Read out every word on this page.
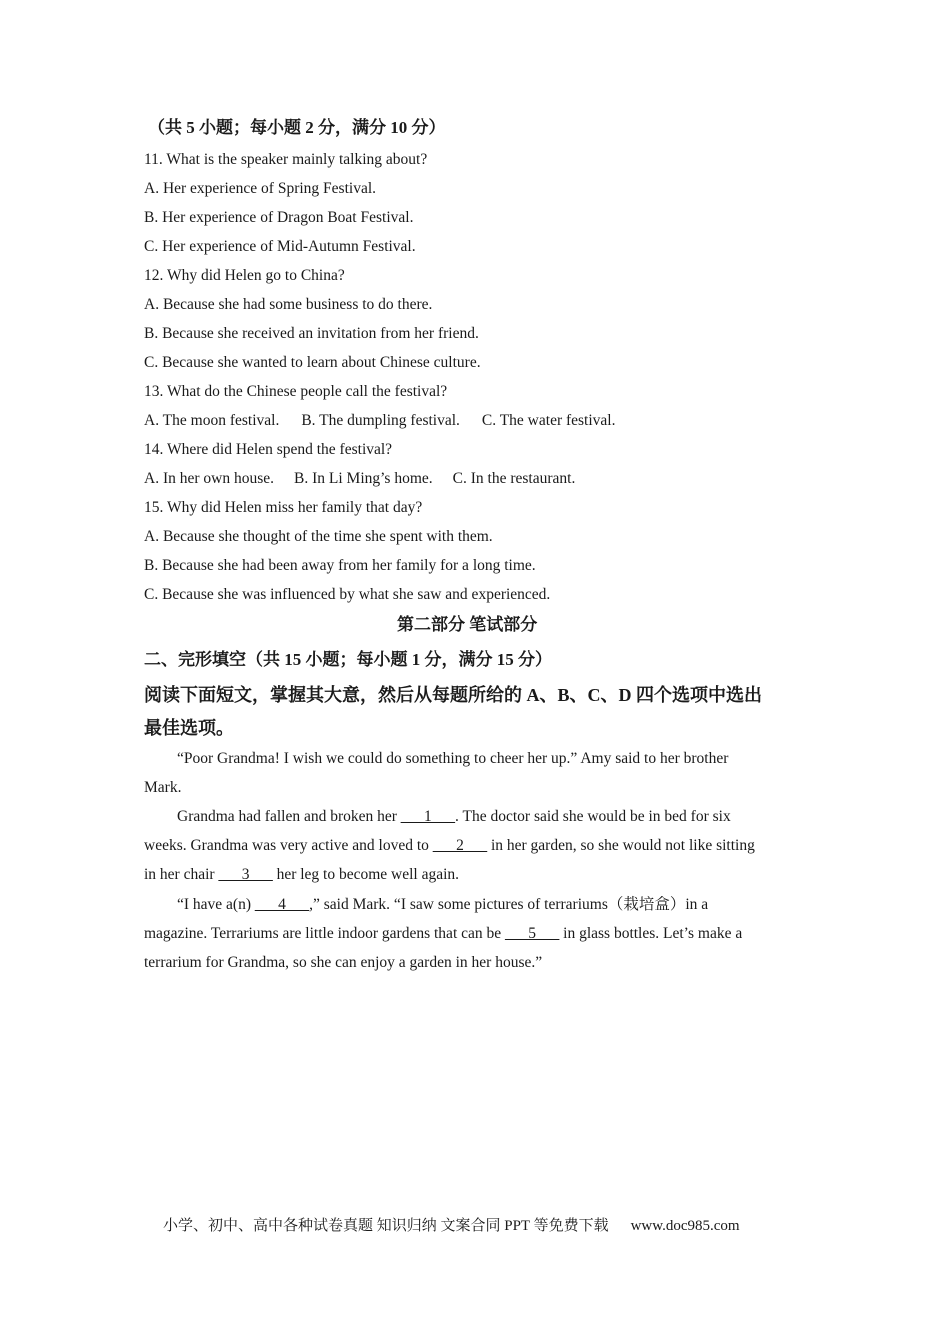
（共 5 小题；每小题 2 分，满分 10 分）
11. What is the speaker mainly talking about?
A. Her experience of Spring Festival.
B. Her experience of Dragon Boat Festival.
C. Her experience of Mid-Autumn Festival.
12. Why did Helen go to China?
A. Because she had some business to do there.
B. Because she received an invitation from her friend.
C. Because she wanted to learn about Chinese culture.
13. What do the Chinese people call the festival?
A. The moon festival. B. The dumpling festival. C. The water festival.
14. Where did Helen spend the festival?
A. In her own house. B. In Li Ming’s home. C. In the restaurant.
15. Why did Helen miss her family that day?
A. Because she thought of the time she spent with them.
B. Because she had been away from her family for a long time.
C. Because she was influenced by what she saw and experienced.
第二部分 笔试部分
二、完形填空（共 15 小题；每小题 1 分，满分 15 分）
阅读下面短文，掌握其大意，然后从每题所给的 A、B、C、D 四个选项中选出
最佳选项。
“Poor Grandma! I wish we could do something to cheer her up.” Amy said to her brother
Mark.
Grandma had fallen and broken her ___1___. The doctor said she would be in bed for six
weeks. Grandma was very active and loved to ___2___ in her garden, so she would not like sitting
in her chair ___3___ her leg to become well again.
“I have a(n) ___4___,” said Mark. “I saw some pictures of terrariums（栽培盒）in a
magazine. Terrariums are little indoor gardens that can be ___5___ in glass bottles. Let’s make a
terrarium for Grandma, so she can enjoy a garden in her house.”
小学、初中、高中各种试卷真题 知识归纳 文案合同 PPT 等免费下载 www.doc985.com
